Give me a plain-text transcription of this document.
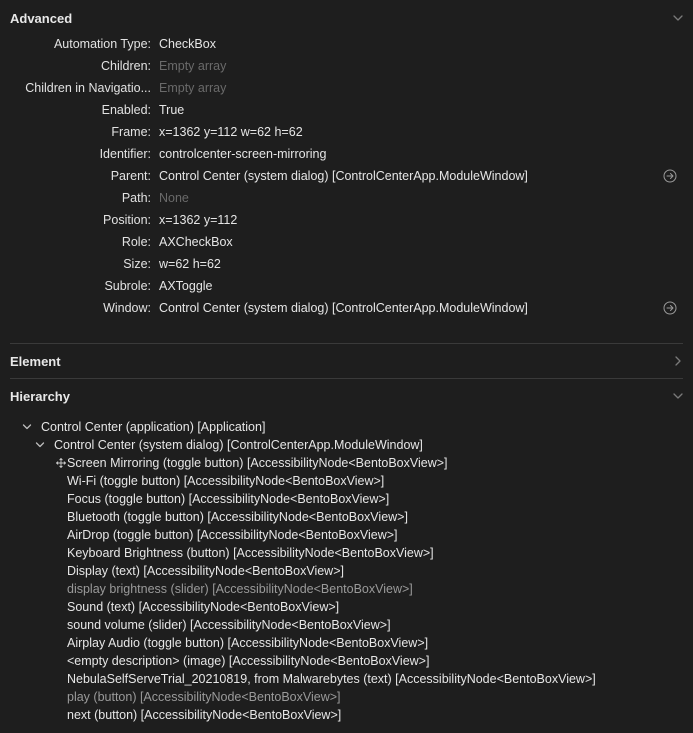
Advanced
Automation Type: CheckBox
Children: Empty array
Children in Navigatio... Empty array
Enabled: True
Frame: x=1362 y=112 w=62 h=62
Identifier: controlcenter-screen-mirroring
Parent: Control Center (system dialog) [ControlCenterApp.ModuleWindow]
Path: None
Position: x=1362 y=112
Role: AXCheckBox
Size: w=62 h=62
Subrole: AXToggle
Window: Control Center (system dialog) [ControlCenterApp.ModuleWindow]
Element
Hierarchy
Control Center (application) [Application]
Control Center (system dialog) [ControlCenterApp.ModuleWindow]
Screen Mirroring (toggle button) [AccessibilityNode<BentoBoxView>]
Wi-Fi (toggle button) [AccessibilityNode<BentoBoxView>]
Focus (toggle button) [AccessibilityNode<BentoBoxView>]
Bluetooth (toggle button) [AccessibilityNode<BentoBoxView>]
AirDrop (toggle button) [AccessibilityNode<BentoBoxView>]
Keyboard Brightness (button) [AccessibilityNode<BentoBoxView>]
Display (text) [AccessibilityNode<BentoBoxView>]
display brightness (slider) [AccessibilityNode<BentoBoxView>]
Sound (text) [AccessibilityNode<BentoBoxView>]
sound volume (slider) [AccessibilityNode<BentoBoxView>]
Airplay Audio (toggle button) [AccessibilityNode<BentoBoxView>]
<empty description> (image) [AccessibilityNode<BentoBoxView>]
NebulaSelfServeTrial_20210819, from Malwarebytes (text) [AccessibilityNode<BentoBoxView>]
play (button) [AccessibilityNode<BentoBoxView>]
next (button) [AccessibilityNode<BentoBoxView>]
